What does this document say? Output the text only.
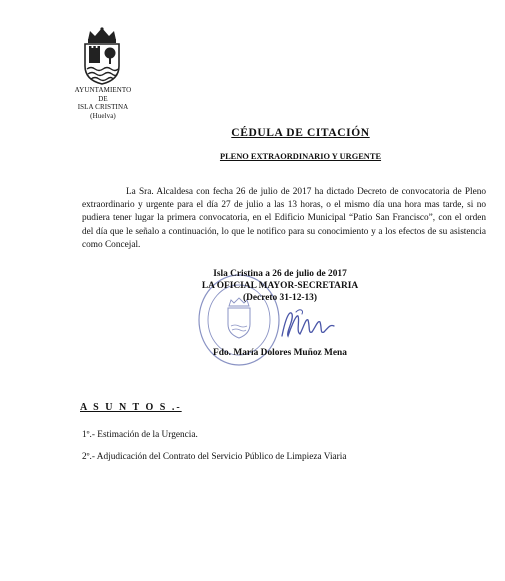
AYUNTAMIENTO
DE
ISLA CRISTINA
(Huelva)
CÉDULA DE CITACIÓN
PLENO EXTRAORDINARIO Y URGENTE
La Sra. Alcaldesa con fecha 26 de julio de 2017 ha dictado Decreto de convocatoria de Pleno extraordinario y urgente para el día 27 de julio a las 13 horas, o el mismo día una hora mas tarde, si no pudiera tener lugar la primera convocatoria, en el Edificio Municipal “Patio San Francisco”, con el orden del día que le señalo a continuación, lo que le notifico para su conocimiento y a los efectos de su asistencia como Concejal.
Isla Cristina a 26 de julio de 2017
LA OFICIAL MAYOR-SECRETARIA
(Decreto 31-12-13)
Fdo. María Dolores Muñoz Mena
A S U N T O S .-
1º.- Estimación de la Urgencia.
2º.- Adjudicación del Contrato del Servicio Público de Limpieza Viaria
